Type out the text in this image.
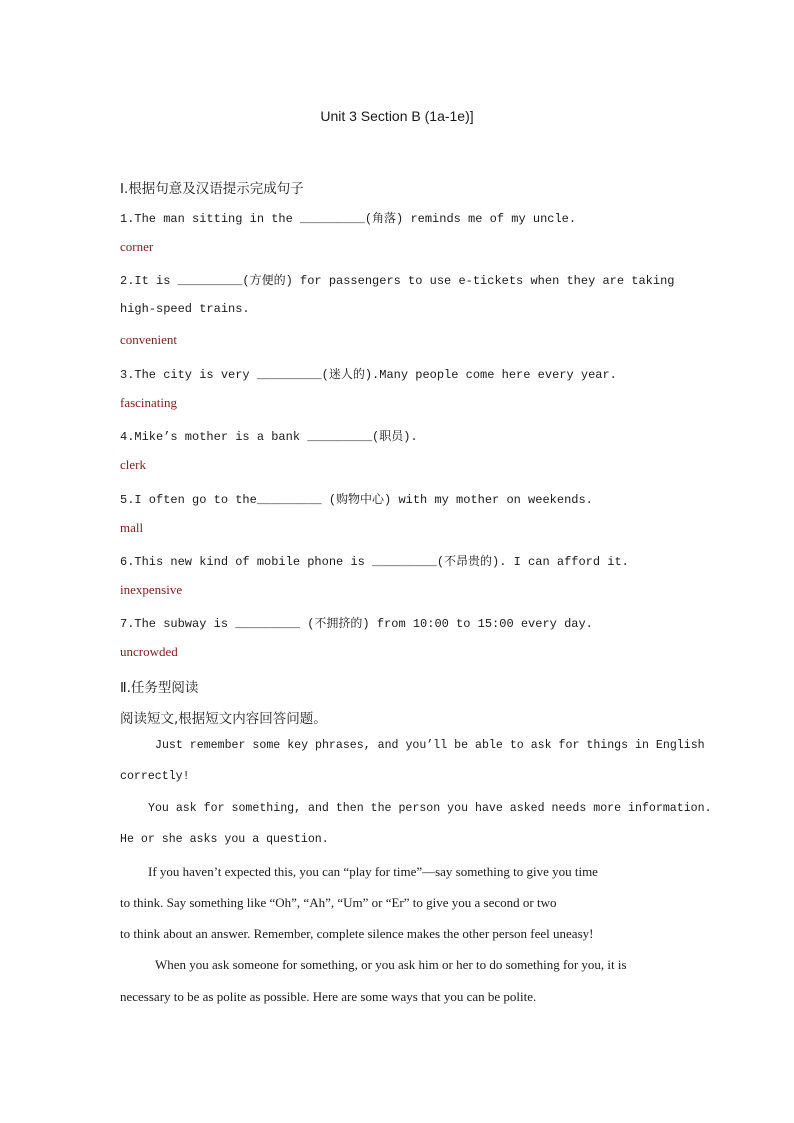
Unit 3 Section B (1a-1e)]
Ⅰ.根据句意及汉语提示完成句子
1.The man sitting in the _________(角落) reminds me of my uncle.
corner
2.It is _________(方便的) for passengers to use e-tickets when they are taking
high-speed trains.
convenient
3.The city is very _________(迷人的).Many people come here every year.
fascinating
4.Mike’s mother is a bank _________(职员).
clerk
5.I often go to the_________ (购物中心) with my mother on weekends.
mall
6.This new kind of mobile phone is _________(不昂贵的). I can afford it.
inexpensive
7.The subway is _________ (不拥挤的) from 10:00 to 15:00 every day.
uncrowded
Ⅱ.任务型阅读
阅读短文,根据短文内容回答问题。
Just remember some key phrases, and you’ll be able to ask for things in English
correctly!
You ask for something, and then the person you have asked needs more information.
He or she asks you a question.
If you haven’t expected this, you can “play for time”—say something to give you time
to think. Say something like “Oh”, “Ah”, “Um” or “Er” to give you a second or two
to think about an answer. Remember, complete silence makes the other person feel uneasy!
When you ask someone for something, or you ask him or her to do something for you, it is
necessary to be as polite as possible. Here are some ways that you can be polite.
